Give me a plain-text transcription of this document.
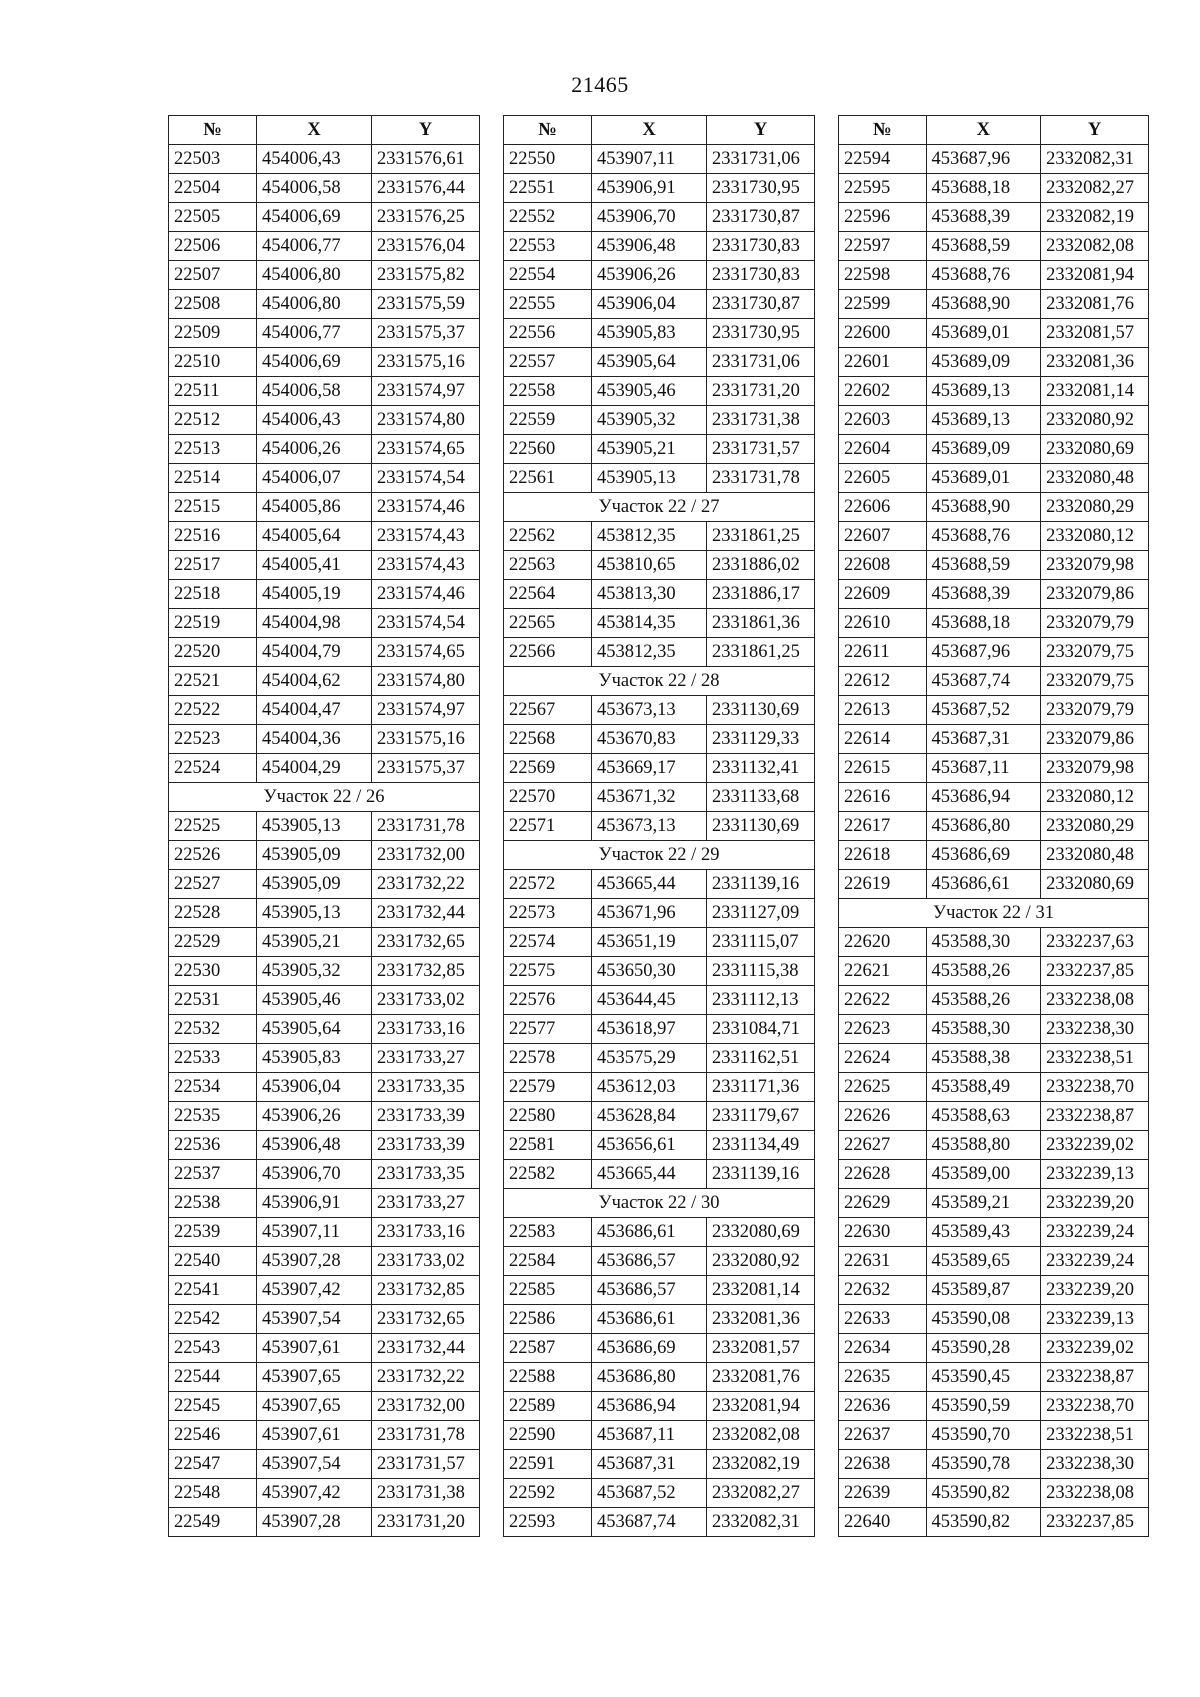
21465
№	X	Y
22503	454006,43	2331576,61
22504	454006,58	2331576,44
22505	454006,69	2331576,25
22506	454006,77	2331576,04
22507	454006,80	2331575,82
22508	454006,80	2331575,59
22509	454006,77	2331575,37
22510	454006,69	2331575,16
22511	454006,58	2331574,97
22512	454006,43	2331574,80
22513	454006,26	2331574,65
22514	454006,07	2331574,54
22515	454005,86	2331574,46
22516	454005,64	2331574,43
22517	454005,41	2331574,43
22518	454005,19	2331574,46
22519	454004,98	2331574,54
22520	454004,79	2331574,65
22521	454004,62	2331574,80
22522	454004,47	2331574,97
22523	454004,36	2331575,16
22524	454004,29	2331575,37
Участок 22 / 26		
22525	453905,13	2331731,78
22526	453905,09	2331732,00
22527	453905,09	2331732,22
22528	453905,13	2331732,44
22529	453905,21	2331732,65
22530	453905,32	2331732,85
22531	453905,46	2331733,02
22532	453905,64	2331733,16
22533	453905,83	2331733,27
22534	453906,04	2331733,35
22535	453906,26	2331733,39
22536	453906,48	2331733,39
22537	453906,70	2331733,35
22538	453906,91	2331733,27
22539	453907,11	2331733,16
22540	453907,28	2331733,02
22541	453907,42	2331732,85
22542	453907,54	2331732,65
22543	453907,61	2331732,44
22544	453907,65	2331732,22
22545	453907,65	2331732,00
22546	453907,61	2331731,78
22547	453907,54	2331731,57
22548	453907,42	2331731,38
22549	453907,28	2331731,20
№	X	Y
22550	453907,11	2331731,06
22551	453906,91	2331730,95
22552	453906,70	2331730,87
22553	453906,48	2331730,83
22554	453906,26	2331730,83
22555	453906,04	2331730,87
22556	453905,83	2331730,95
22557	453905,64	2331731,06
22558	453905,46	2331731,20
22559	453905,32	2331731,38
22560	453905,21	2331731,57
22561	453905,13	2331731,78
Участок 22 / 27		
22562	453812,35	2331861,25
22563	453810,65	2331886,02
22564	453813,30	2331886,17
22565	453814,35	2331861,36
22566	453812,35	2331861,25
Участок 22 / 28		
22567	453673,13	2331130,69
22568	453670,83	2331129,33
22569	453669,17	2331132,41
22570	453671,32	2331133,68
22571	453673,13	2331130,69
Участок 22 / 29		
22572	453665,44	2331139,16
22573	453671,96	2331127,09
22574	453651,19	2331115,07
22575	453650,30	2331115,38
22576	453644,45	2331112,13
22577	453618,97	2331084,71
22578	453575,29	2331162,51
22579	453612,03	2331171,36
22580	453628,84	2331179,67
22581	453656,61	2331134,49
22582	453665,44	2331139,16
Участок 22 / 30		
22583	453686,61	2332080,69
22584	453686,57	2332080,92
22585	453686,57	2332081,14
22586	453686,61	2332081,36
22587	453686,69	2332081,57
22588	453686,80	2332081,76
22589	453686,94	2332081,94
22590	453687,11	2332082,08
22591	453687,31	2332082,19
22592	453687,52	2332082,27
22593	453687,74	2332082,31
№	X	Y
22594	453687,96	2332082,31
22595	453688,18	2332082,27
22596	453688,39	2332082,19
22597	453688,59	2332082,08
22598	453688,76	2332081,94
22599	453688,90	2332081,76
22600	453689,01	2332081,57
22601	453689,09	2332081,36
22602	453689,13	2332081,14
22603	453689,13	2332080,92
22604	453689,09	2332080,69
22605	453689,01	2332080,48
22606	453688,90	2332080,29
22607	453688,76	2332080,12
22608	453688,59	2332079,98
22609	453688,39	2332079,86
22610	453688,18	2332079,79
22611	453687,96	2332079,75
22612	453687,74	2332079,75
22613	453687,52	2332079,79
22614	453687,31	2332079,86
22615	453687,11	2332079,98
22616	453686,94	2332080,12
22617	453686,80	2332080,29
22618	453686,69	2332080,48
22619	453686,61	2332080,69
Участок 22 / 31		
22620	453588,30	2332237,63
22621	453588,26	2332237,85
22622	453588,26	2332238,08
22623	453588,30	2332238,30
22624	453588,38	2332238,51
22625	453588,49	2332238,70
22626	453588,63	2332238,87
22627	453588,80	2332239,02
22628	453589,00	2332239,13
22629	453589,21	2332239,20
22630	453589,43	2332239,24
22631	453589,65	2332239,24
22632	453589,87	2332239,20
22633	453590,08	2332239,13
22634	453590,28	2332239,02
22635	453590,45	2332238,87
22636	453590,59	2332238,70
22637	453590,70	2332238,51
22638	453590,78	2332238,30
22639	453590,82	2332238,08
22640	453590,82	2332237,85
